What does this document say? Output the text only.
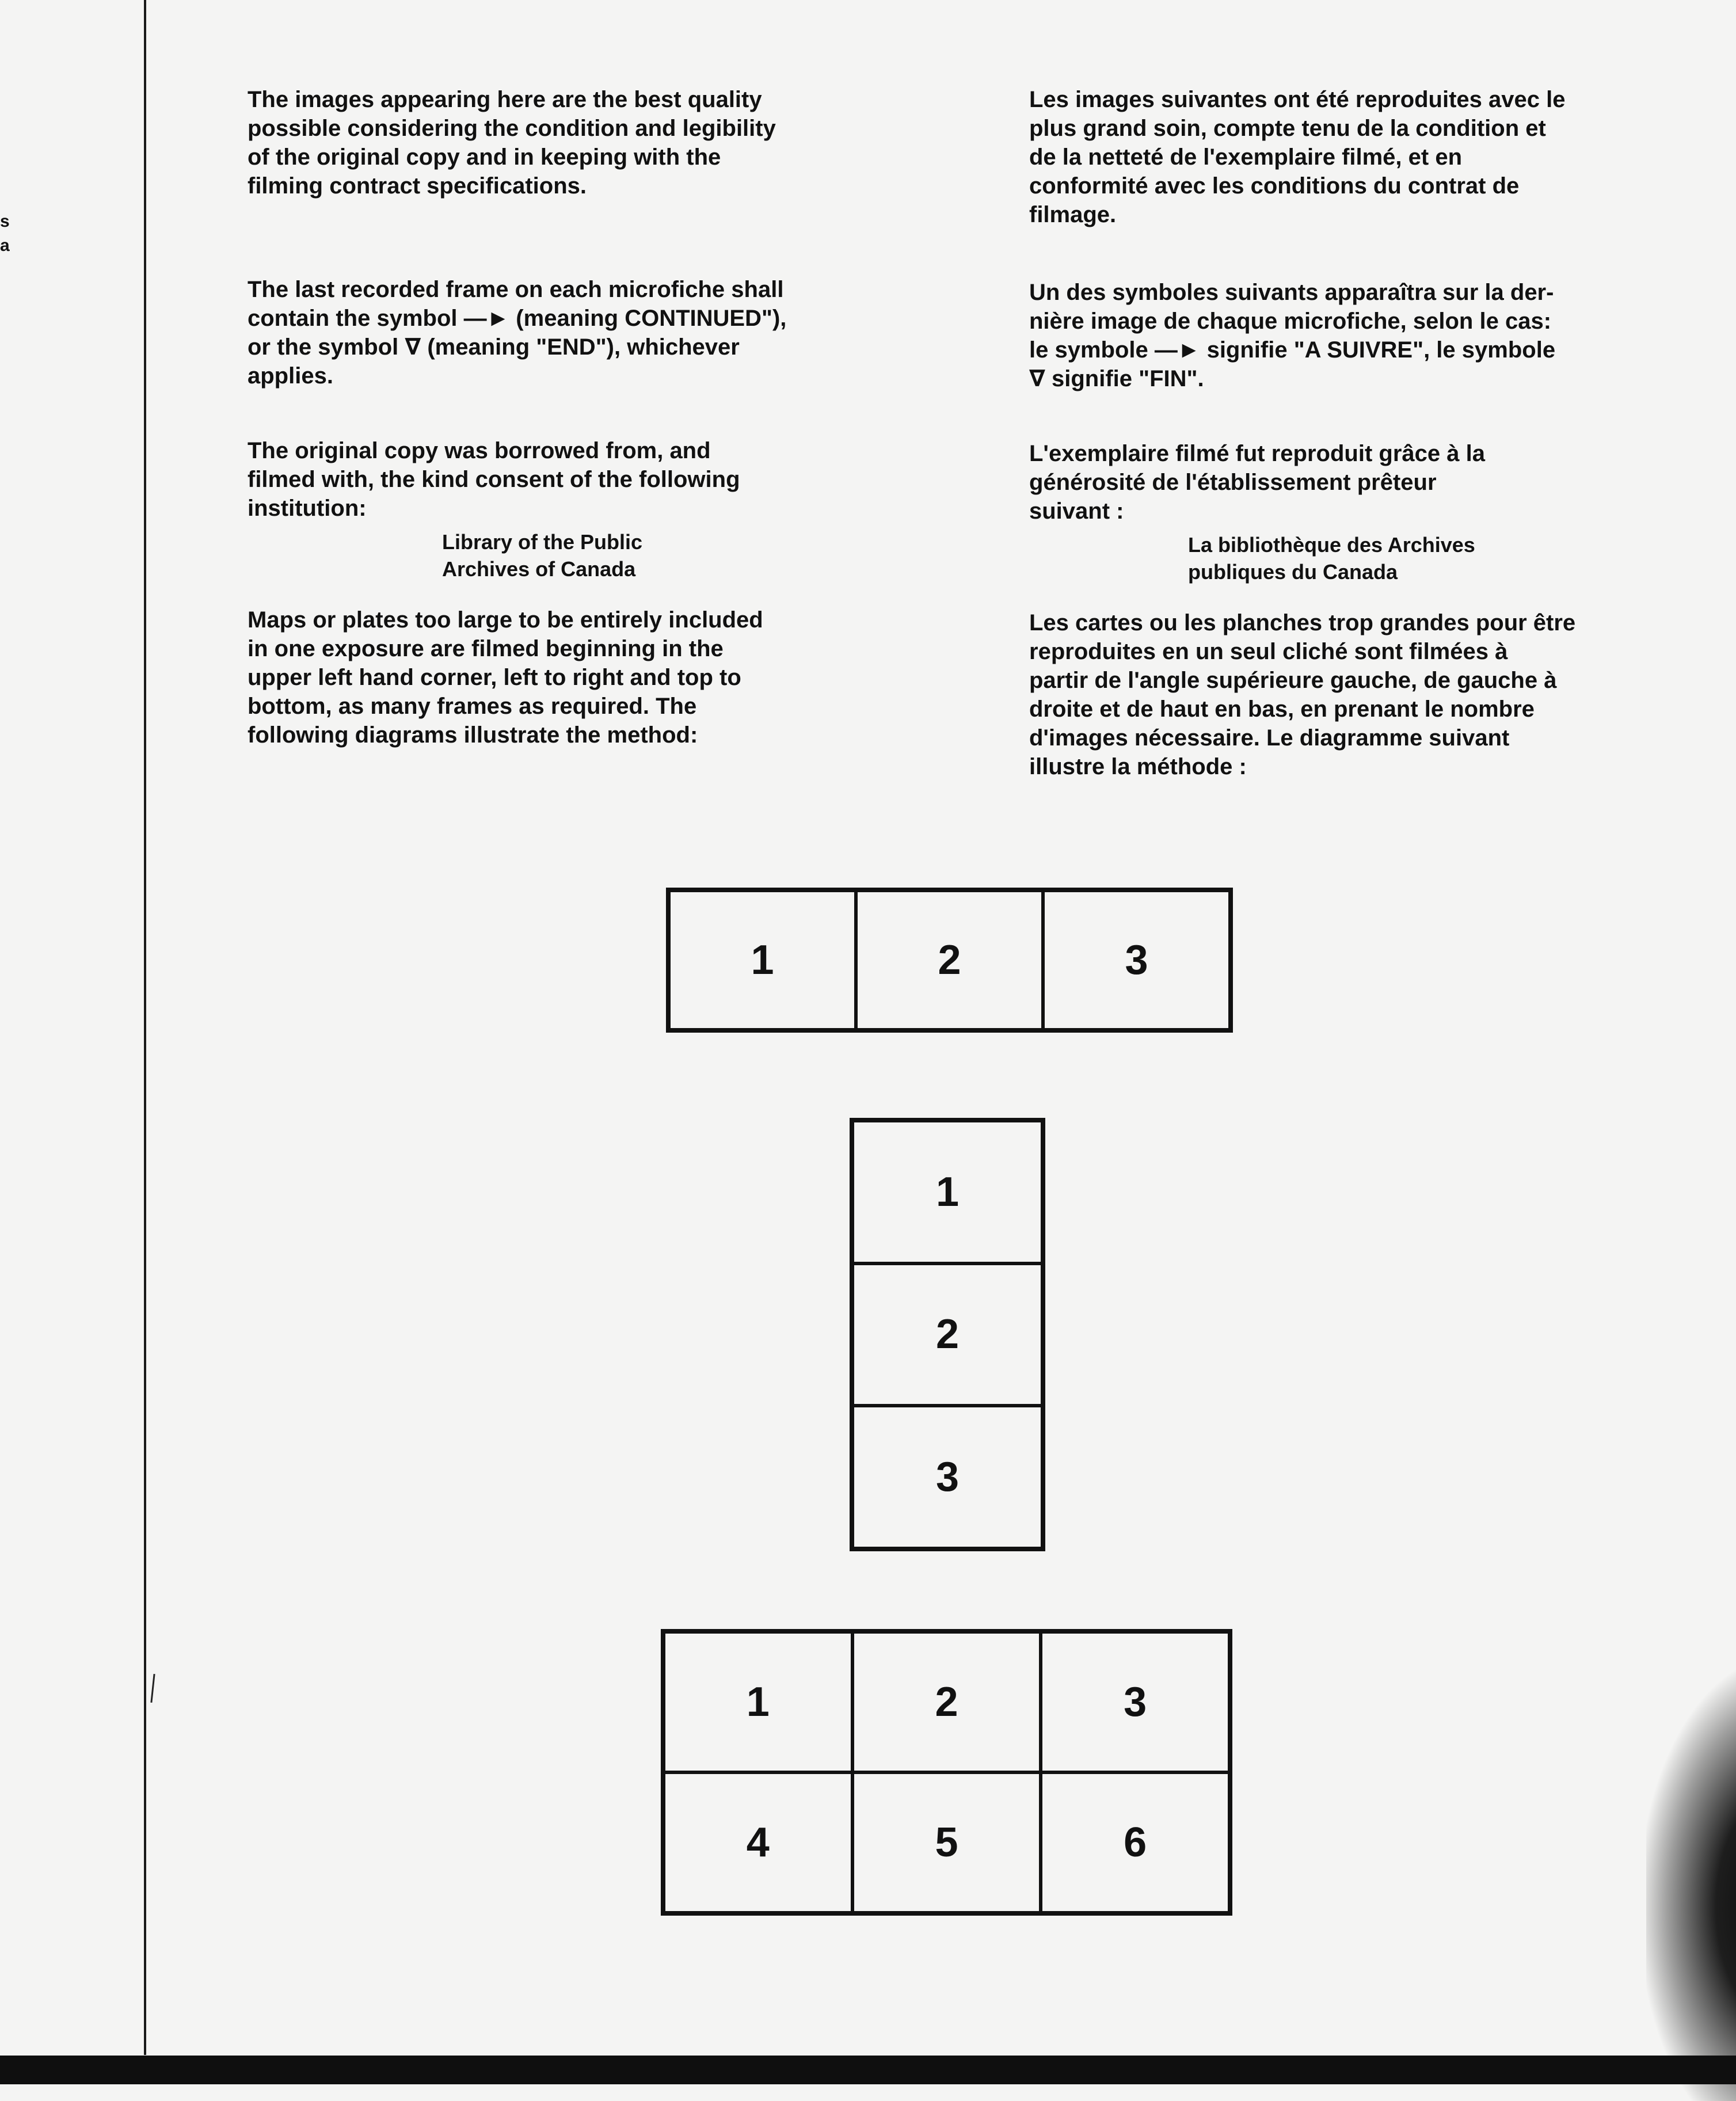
s
a

The images appearing here are the best quality
possible considering the condition and legibility
of the original copy and in keeping with the
filming contract specifications.

The last recorded frame on each microfiche shall
contain the symbol —► (meaning CONTINUED"),
or the symbol ∇ (meaning "END"), whichever
applies.

The original copy was borrowed from, and
filmed with, the kind consent of the following
institution:

Library of the Public
Archives of Canada

Maps or plates too large to be entirely included
in one exposure are filmed beginning in the
upper left hand corner, left to right and top to
bottom, as many frames as required. The
following diagrams illustrate the method:

Les images suivantes ont été reproduites avec le
plus grand soin, compte tenu de la condition et
de la netteté de l'exemplaire filmé, et en
conformité avec les conditions du contrat de
filmage.

Un des symboles suivants apparaîtra sur la der-
nière image de chaque microfiche, selon le cas:
le symbole —► signifie "A SUIVRE", le symbole
∇ signifie "FIN".

L'exemplaire filmé fut reproduit grâce à la
générosité de l'établissement prêteur
suivant :

La bibliothèque des Archives
publiques du Canada

Les cartes ou les planches trop grandes pour être
reproduites en un seul cliché sont filmées à
partir de l'angle supérieure gauche, de gauche à
droite et de haut en bas, en prenant le nombre
d'images nécessaire. Le diagramme suivant
illustre la méthode :

1	2	3
1
2
3
1	2	3
4	5	6
